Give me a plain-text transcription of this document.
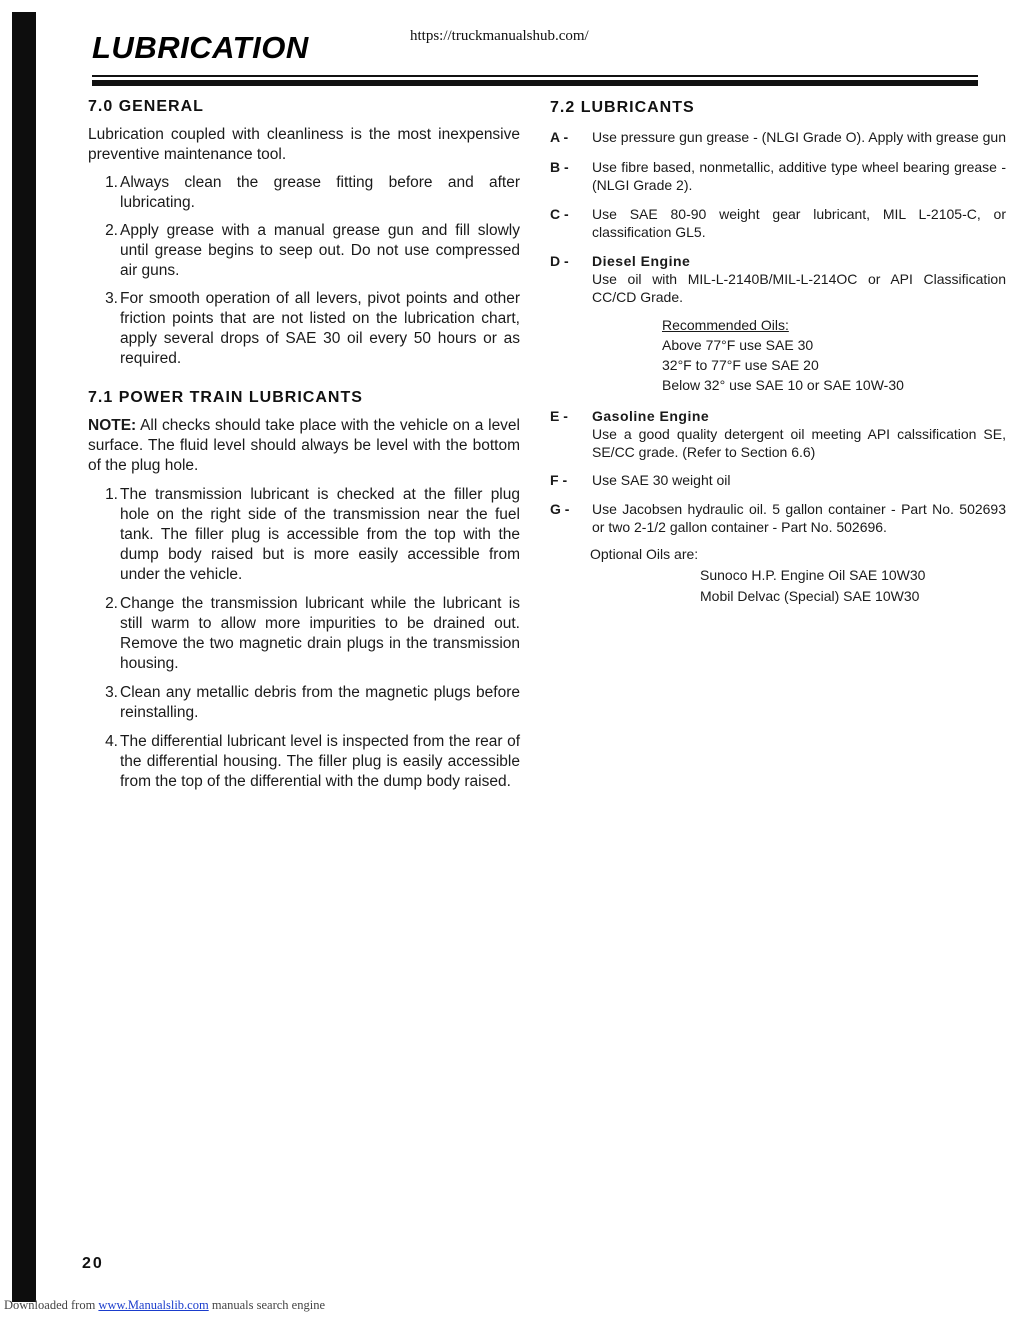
LUBRICATION	https://truckmanualshub.com/
7.0 GENERAL

Lubrication coupled with cleanliness is the most inexpensive preventive maintenance tool.

1. Always clean the grease fitting before and after lubricating.
2. Apply grease with a manual grease gun and fill slowly until grease begins to seep out. Do not use compressed air guns.
3. For smooth operation of all levers, pivot points and other friction points that are not listed on the lubrication chart, apply several drops of SAE 30 oil every 50 hours or as required.
7.1 POWER TRAIN LUBRICANTS

NOTE: All checks should take place with the vehicle on a level surface. The fluid level should always be level with the bottom of the plug hole.

1. The transmission lubricant is checked at the filler plug hole on the right side of the transmission near the fuel tank. The filler plug is accessible from the top with the dump body raised but is more easily accessible from under the vehicle.
2. Change the transmission lubricant while the lubricant is still warm to allow more impurities to be drained out. Remove the two magnetic drain plugs in the transmission housing.
3. Clean any metallic debris from the magnetic plugs before reinstalling.
4. The differential lubricant level is inspected from the rear of the differential housing. The filler plug is easily accessible from the top of the differential with the dump body raised.
7.2 LUBRICANTS
A -	Use pressure gun grease - (NLGI Grade O). Apply with grease gun
B -	Use fibre based, nonmetallic, additive type wheel bearing grease - (NLGI Grade 2).
C -	Use SAE 80-90 weight gear lubricant, MIL L-2105-C, or classification GL5.
D -	Diesel Engine
Use oil with MIL-L-2140B/MIL-L-214OC or API Classification CC/CD Grade.
Recommended Oils:
Above 77°F use SAE 30
32°F to 77°F use SAE 20
Below 32° use SAE 10 or SAE 10W-30
E -	Gasoline Engine
Use a good quality detergent oil meeting API calssification SE, SE/CC grade. (Refer to Section 6.6)
F -	Use SAE 30 weight oil
G -	Use Jacobsen hydraulic oil. 5 gallon container - Part No. 502693 or two 2-1/2 gallon container - Part No. 502696.
Optional Oils are:
Sunoco H.P. Engine Oil SAE 10W30
Mobil Delvac (Special) SAE 10W30
20
Downloaded from www.Manualslib.com manuals search engine
